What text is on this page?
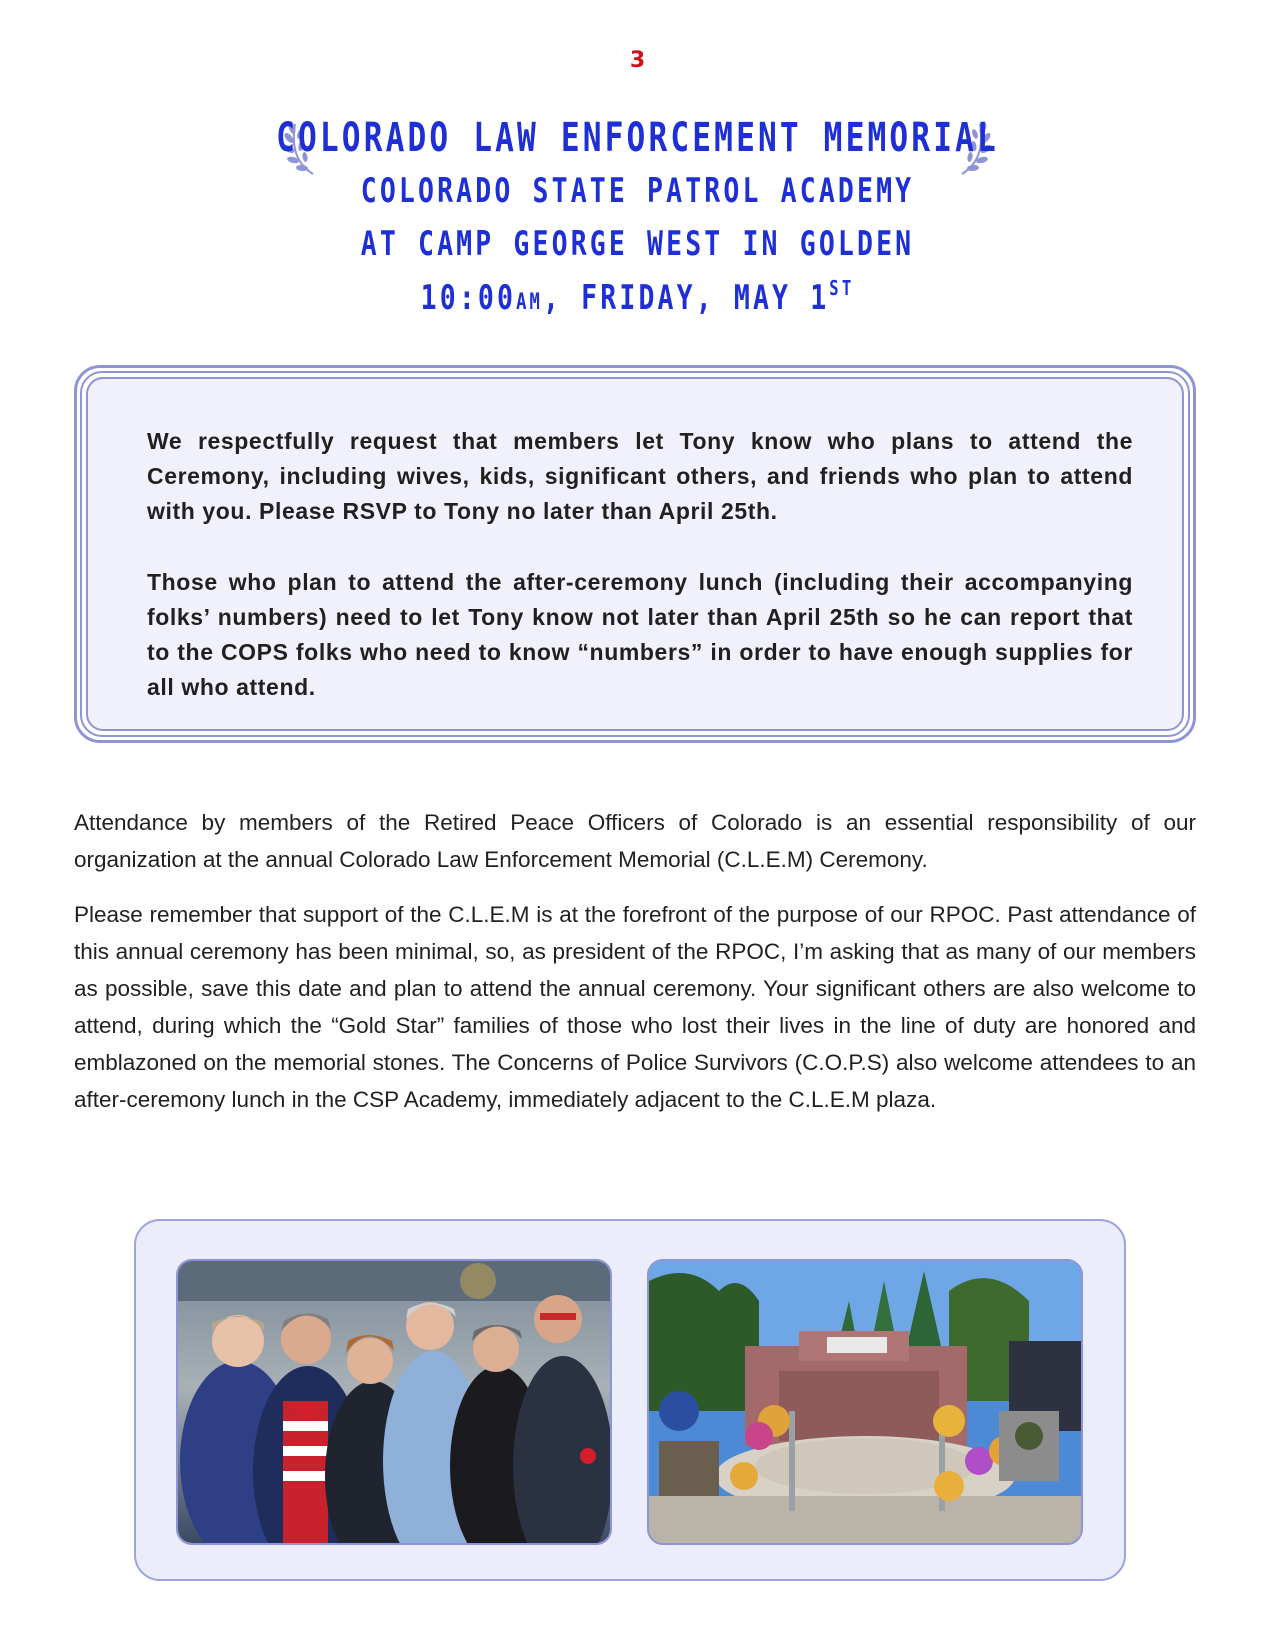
3
COLORADO LAW ENFORCEMENT MEMORIAL
COLORADO STATE PATROL ACADEMY
AT CAMP GEORGE WEST IN GOLDEN
10:00AM, FRIDAY, MAY 1ST

We respectfully request that members let Tony know who plans to attend the Ceremony, including wives, kids, significant others, and friends who plan to attend with you. Please RSVP to Tony no later than April 25th.

Those who plan to attend the after-ceremony lunch (including their accompanying folks’ numbers) need to let Tony know not later than April 25th so he can report that to the COPS folks who need to know “numbers” in order to have enough supplies for all who attend.

Attendance by members of the Retired Peace Officers of Colorado is an essential responsibility of our organization at the annual Colorado Law Enforcement Memorial (C.L.E.M) Ceremony.

Please remember that support of the C.L.E.M is at the forefront of the purpose of our RPOC. Past attendance of this annual ceremony has been minimal, so, as president of the RPOC, I’m asking that as many of our members as possible, save this date and plan to attend the annual ceremony. Your significant others are also welcome to attend, during which the “Gold Star” families of those who lost their lives in the line of duty are honored and emblazoned on the memorial stones. The Concerns of Police Survivors (C.O.P.S) also welcome attendees to an after-ceremony lunch in the CSP Academy, immediately adjacent to the C.L.E.M plaza.
